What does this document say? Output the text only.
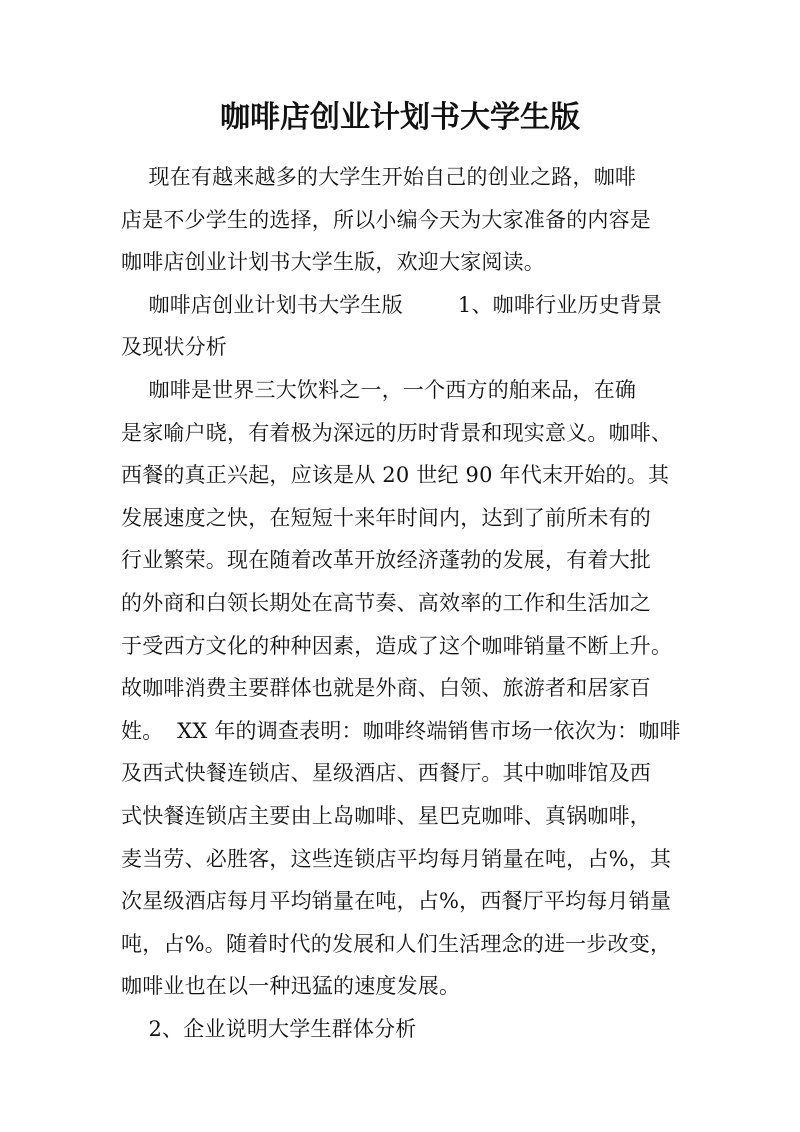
咖啡店创业计划书大学生版
现在有越来越多的大学生开始自己的创业之路，咖啡
店是不少学生的选择，所以小编今天为大家准备的内容是
咖啡店创业计划书大学生版，欢迎大家阅读。
咖啡店创业计划书大学生版        1、咖啡行业历史背景
及现状分析
咖啡是世界三大饮料之一，一个西方的舶来品，在确
是家喻户晓，有着极为深远的历时背景和现实意义。咖啡、
西餐的真正兴起，应该是从 20 世纪 90 年代末开始的。其
发展速度之快，在短短十来年时间内，达到了前所未有的
行业繁荣。现在随着改革开放经济蓬勃的发展，有着大批
的外商和白领长期处在高节奏、高效率的工作和生活加之
于受西方文化的种种因素，造成了这个咖啡销量不断上升。
故咖啡消费主要群体也就是外商、白领、旅游者和居家百
姓。  XX 年的调查表明：咖啡终端销售市场一依次为：咖啡
及西式快餐连锁店、星级酒店、西餐厅。其中咖啡馆及西
式快餐连锁店主要由上岛咖啡、星巴克咖啡、真锅咖啡，
麦当劳、必胜客，这些连锁店平均每月销量在吨，占%，其
次星级酒店每月平均销量在吨，占%，西餐厅平均每月销量
吨，占%。随着时代的发展和人们生活理念的进一步改变，
咖啡业也在以一种迅猛的速度发展。
2、企业说明大学生群体分析
